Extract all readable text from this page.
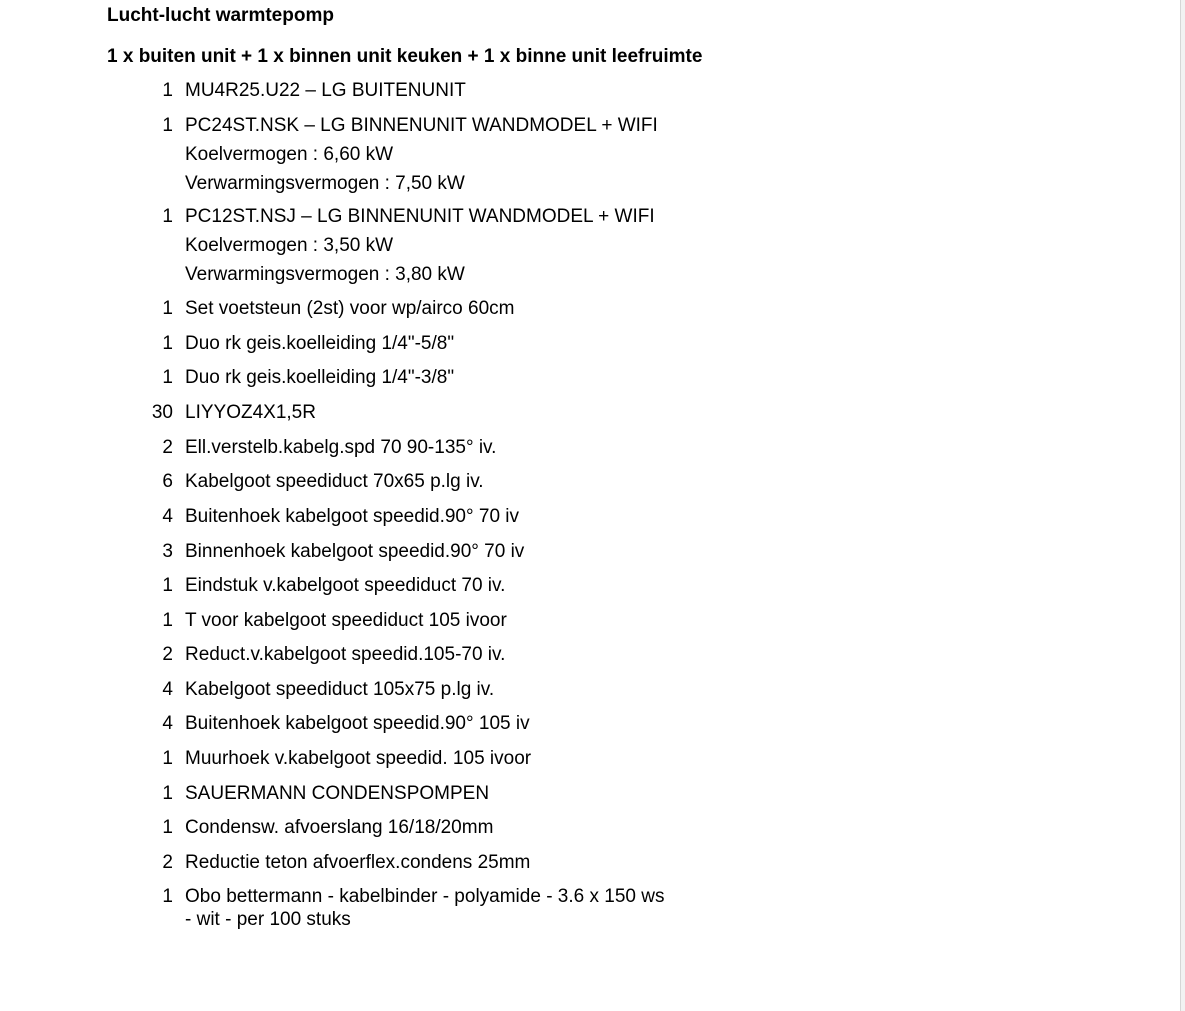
Lucht-lucht warmtepomp
1 x buiten unit + 1 x binnen unit keuken + 1 x binne unit leefruimte
1 MU4R25.U22 – LG BUITENUNIT
1 PC24ST.NSK – LG BINNENUNIT WANDMODEL + WIFI
Koelvermogen : 6,60 kW
Verwarmingsvermogen : 7,50 kW
1 PC12ST.NSJ – LG BINNENUNIT WANDMODEL + WIFI
Koelvermogen : 3,50 kW
Verwarmingsvermogen : 3,80 kW
1 Set voetsteun (2st) voor wp/airco 60cm
1 Duo rk geis.koelleiding 1/4"-5/8"
1 Duo rk geis.koelleiding 1/4"-3/8"
30 LIYYOZ4X1,5R
2 Ell.verstelb.kabelg.spd 70 90-135° iv.
6 Kabelgoot speediduct 70x65 p.lg iv.
4 Buitenhoek kabelgoot speedid.90° 70 iv
3 Binnenhoek kabelgoot speedid.90° 70 iv
1 Eindstuk v.kabelgoot speediduct 70 iv.
1 T voor kabelgoot speediduct 105 ivoor
2 Reduct.v.kabelgoot speedid.105-70 iv.
4 Kabelgoot speediduct 105x75 p.lg iv.
4 Buitenhoek kabelgoot speedid.90° 105 iv
1 Muurhoek v.kabelgoot speedid. 105 ivoor
1 SAUERMANN CONDENSPOMPEN
1 Condensw. afvoerslang 16/18/20mm
2 Reductie teton afvoerflex.condens 25mm
1 Obo bettermann - kabelbinder - polyamide - 3.6 x 150 ws
- wit - per 100 stuks
